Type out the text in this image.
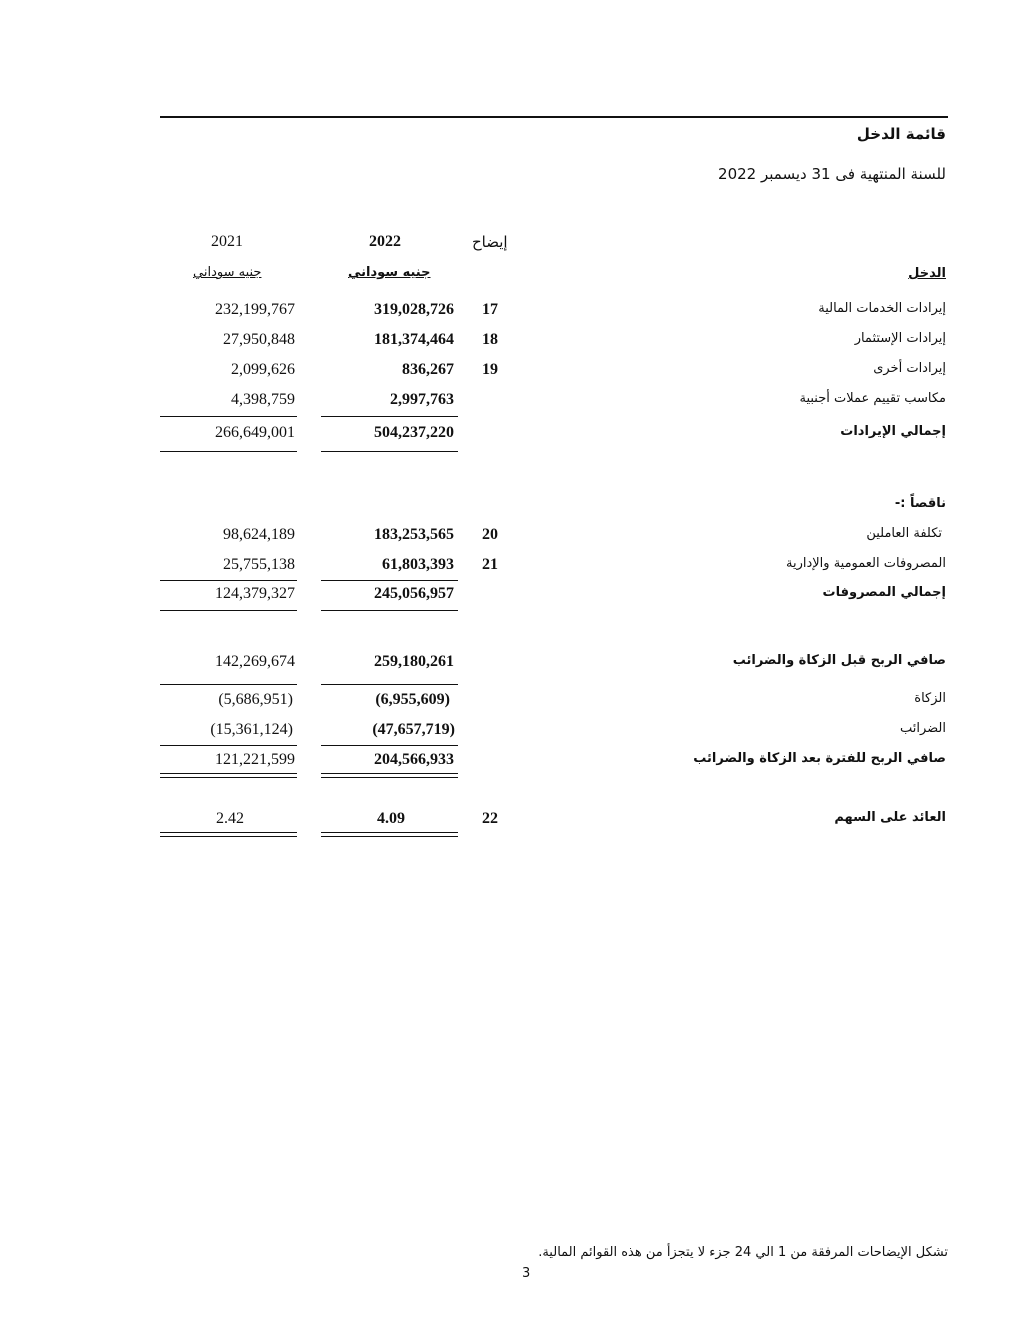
قائمة الدخل
للسنة المنتهية فى 31 ديسمبر 2022
إيضاح
2022
2021
جنيه سوداني
جنيه سوداني	الدخل
إيرادات الخدمات المالية
17
319,028,726
232,199,767
إيرادات الإستثمار
18
181,374,464
27,950,848
إيرادات أخرى
19
836,267
2,099,626
مكاسب تقييم عملات أجنبية
2,997,763
4,398,759
إجمالي الإيرادات
504,237,220
266,649,001
ناقصاً :-
تكلفة العاملين
20
183,253,565
98,624,189
المصروفات العمومية والإدارية
21
61,803,393
25,755,138
إجمالي المصروفات
245,056,957
124,379,327
صافي الربح قبل الزكاة والضرائب
259,180,261
142,269,674
الزكاة
(6,955,609)
(5,686,951)
الضرائب
(47,657,719)
(15,361,124)
صافي الربح للفترة بعد الزكاة والضرائب
204,566,933
121,221,599
العائد على السهم
22
4.09
2.42
تشكل الإيضاحات المرفقة من 1 الي 24 جزء لا يتجزأ من هذه القوائم المالية.
3
